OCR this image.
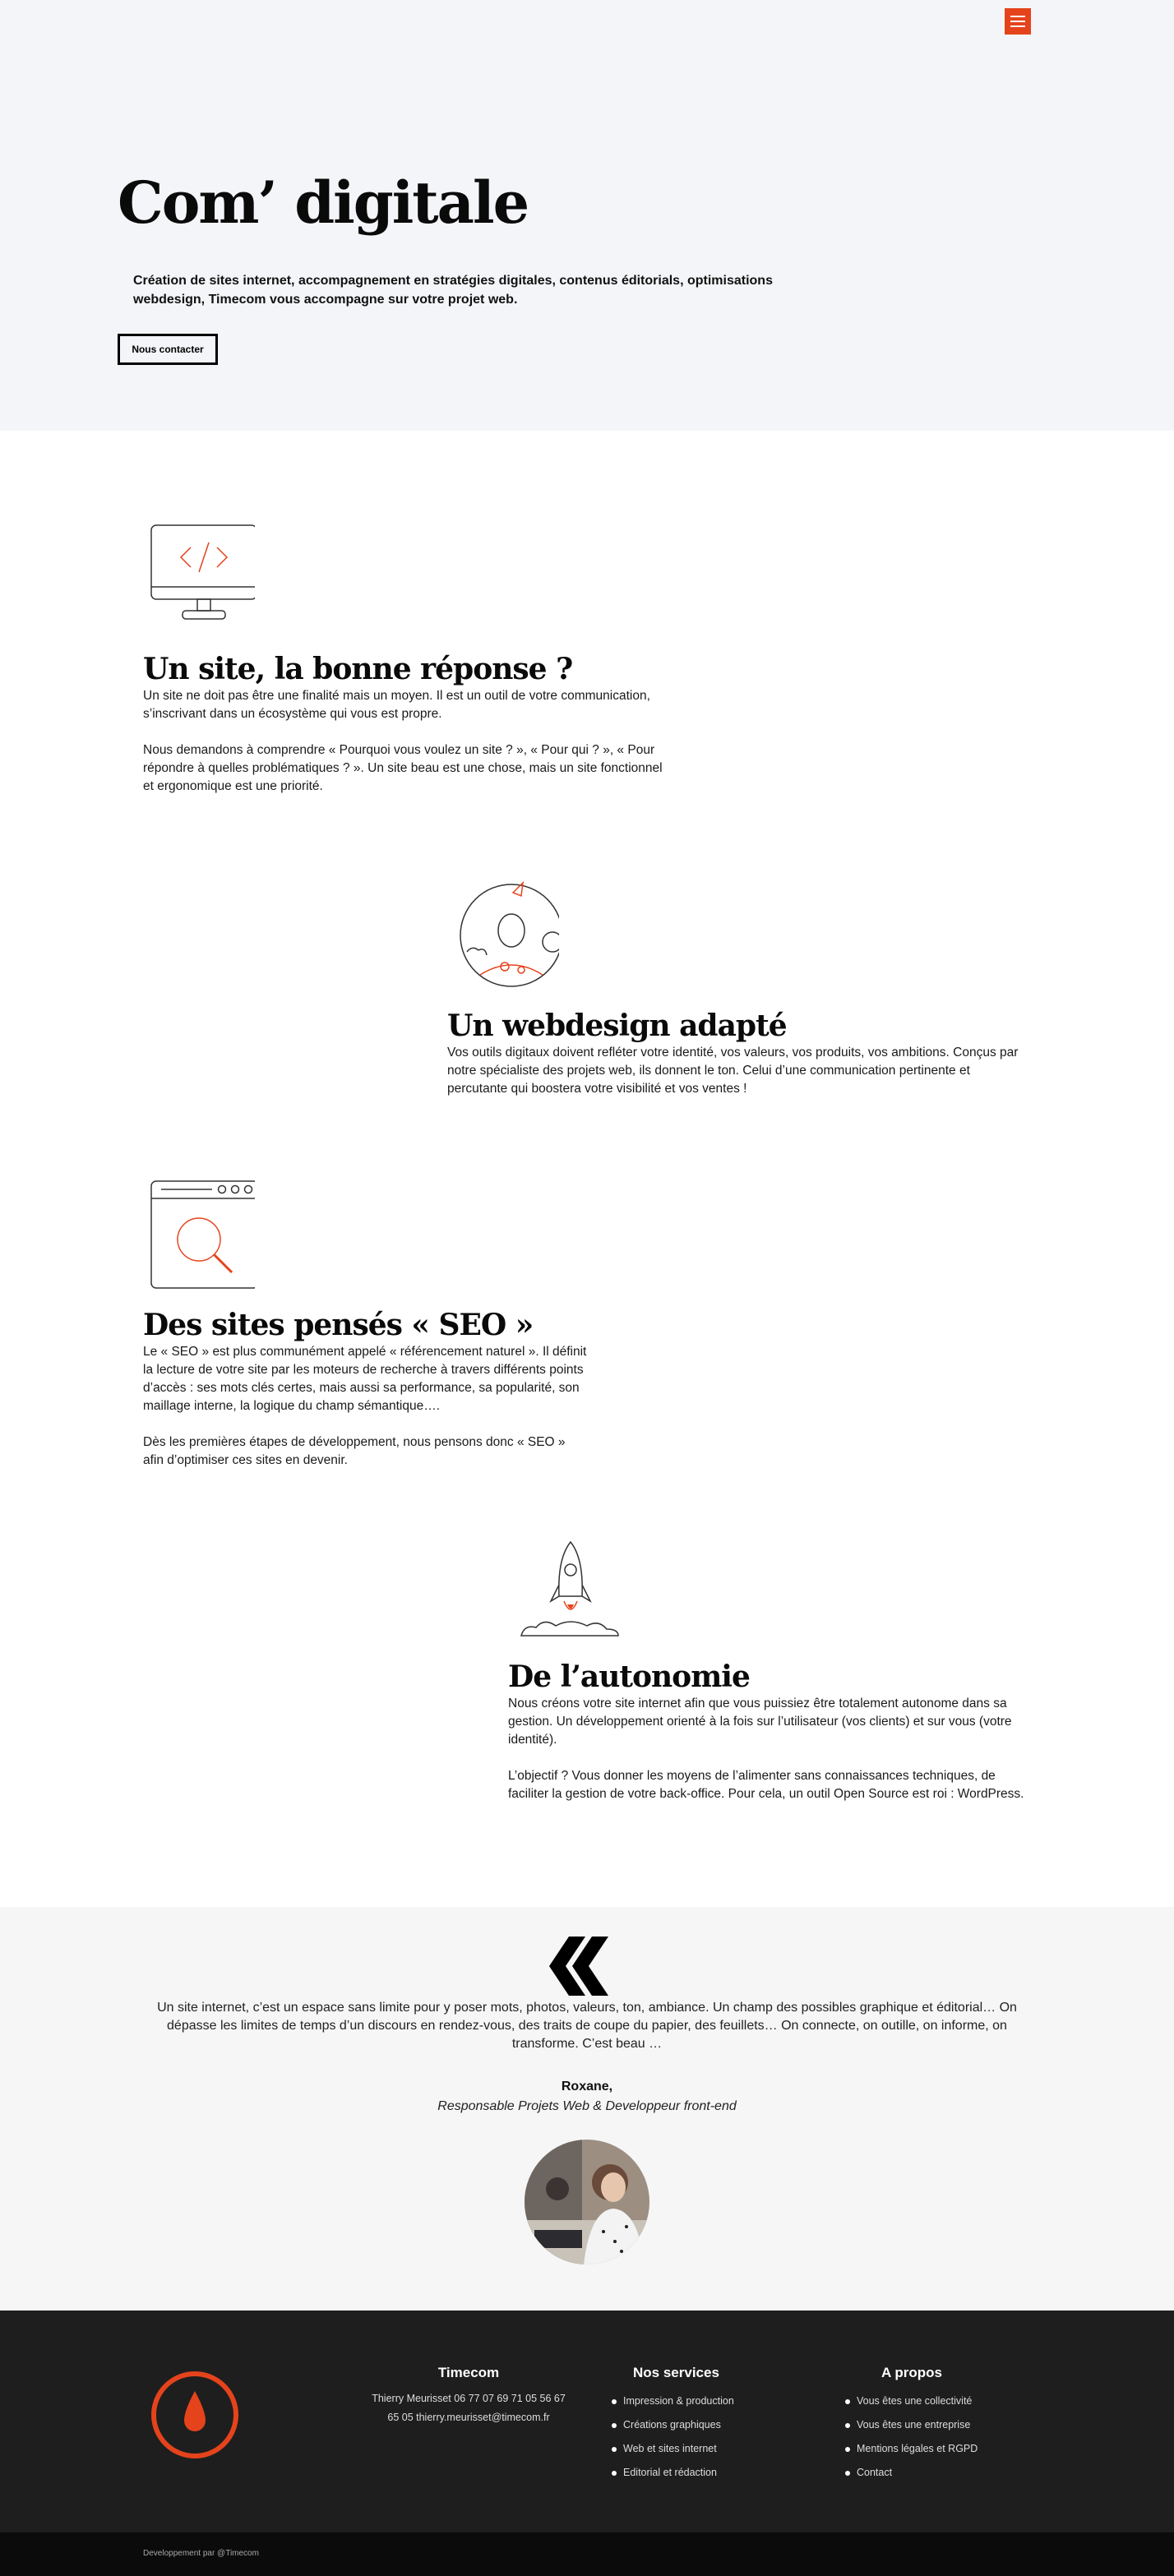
Com’ digitale

Création de sites internet, accompagnement en stratégies digitales, contenus éditorials, optimisations webdesign, Timecom vous accompagne sur votre projet web.

Nous contacter
Un site, la bonne réponse ?

Un site ne doit pas être une finalité mais un moyen. Il est un outil de votre communication, s’inscrivant dans un écosystème qui vous est propre.

Nous demandons à comprendre « Pourquoi vous voulez un site ? », « Pour qui ? », « Pour répondre à quelles problématiques ? ». Un site beau est une chose, mais un site fonctionnel et ergonomique est une priorité.

Un webdesign adapté

Vos outils digitaux doivent refléter votre identité, vos valeurs, vos produits, vos ambitions. Conçus par notre spécialiste des projets web, ils donnent le ton. Celui d’une communication pertinente et percutante qui boostera votre visibilité et vos ventes !

Des sites pensés « SEO »

Le « SEO » est plus communément appelé « référencement naturel ». Il définit la lecture de votre site par les moteurs de recherche à travers différents points d’accès : ses mots clés certes, mais aussi sa performance, sa popularité, son maillage interne, la logique du champ sémantique….

Dès les premières étapes de développement, nous pensons donc « SEO » afin d’optimiser ces sites en devenir.

De l’autonomie

Nous créons votre site internet afin que vous puissiez être totalement autonome dans sa gestion. Un développement orienté à la fois sur l’utilisateur (vos clients) et sur vous (votre identité).

L’objectif ? Vous donner les moyens de l’alimenter sans connaissances techniques, de faciliter la gestion de votre back-office. Pour cela, un outil Open Source est roi : WordPress.

Un site internet, c’est un espace sans limite pour y poser mots, photos, valeurs, ton, ambiance. Un champ des possibles graphique et éditorial… On dépasse les limites de temps d’un discours en rendez-vous, des traits de coupe du papier, des feuillets… On connecte, on outille, on informe, on transforme. C’est beau …

Roxane,
Responsable Projets Web & Developpeur front-end
Timecom

Thierry Meurisset 06 77 07 69 71 05 56 67 65 05 thierry.meurisset@timecom.fr

Nos services
Impression & production
Créations graphiques
Web et sites internet
Editorial et rédaction
A propos
Vous êtes une collectivité
Vous êtes une entreprise
Mentions légales et RGPD
Contact
Developpement par @Timecom
